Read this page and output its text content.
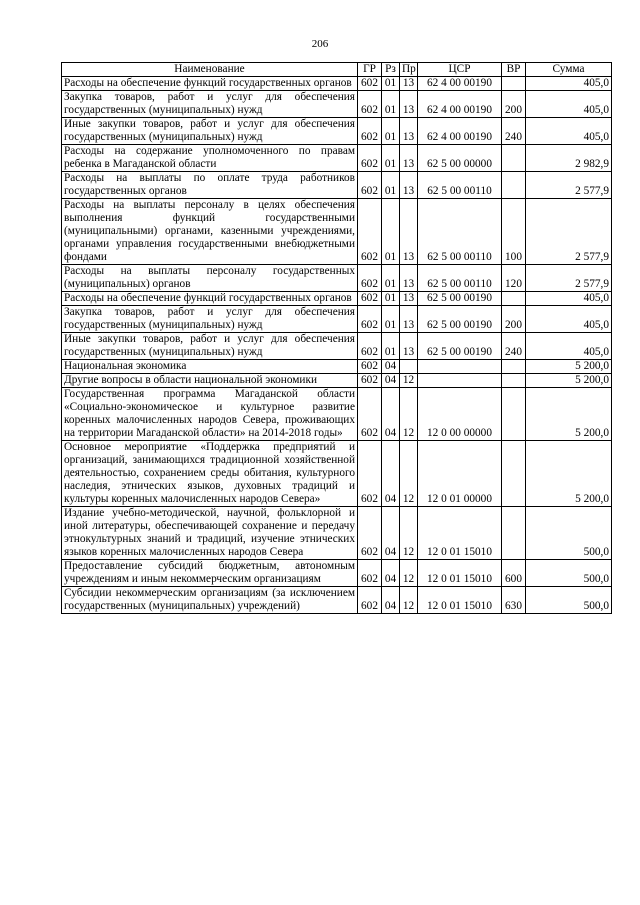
206
Наименование	ГР	Рз	Пр	ЦСР	ВР	Сумма
Расходы на обеспечение функций государственных органов	602	01	13	62 4 00 00190		405,0
Закупка товаров, работ и услуг для обеспечения государственных (муниципальных) нужд	602	01	13	62 4 00 00190	200	405,0
Иные закупки товаров, работ и услуг для обеспечения государственных (муниципальных) нужд	602	01	13	62 4 00 00190	240	405,0
Расходы на содержание уполномоченного по правам ребенка в Магаданской области	602	01	13	62 5 00 00000		2 982,9
Расходы на выплаты по оплате труда работников государственных органов	602	01	13	62 5 00 00110		2 577,9
Расходы на выплаты персоналу в целях обеспечения выполнения функций государственными (муниципальными) органами, казенными учреждениями, органами управления государственными внебюджетными фондами	602	01	13	62 5 00 00110	100	2 577,9
Расходы на выплаты персоналу государственных (муниципальных) органов	602	01	13	62 5 00 00110	120	2 577,9
Расходы на обеспечение функций государственных органов	602	01	13	62 5 00 00190		405,0
Закупка товаров, работ и услуг для обеспечения государственных (муниципальных) нужд	602	01	13	62 5 00 00190	200	405,0
Иные закупки товаров, работ и услуг для обеспечения государственных (муниципальных) нужд	602	01	13	62 5 00 00190	240	405,0
Национальная экономика	602	04				5 200,0
Другие вопросы в области национальной экономики	602	04	12			5 200,0
Государственная программа Магаданской области «Социально-экономическое и культурное развитие коренных малочисленных народов Севера, проживающих на территории Магаданской области» на 2014-2018 годы»	602	04	12	12 0 00 00000		5 200,0
Основное мероприятие «Поддержка предприятий и организаций, занимающихся традиционной хозяйственной деятельностью, сохранением среды обитания, культурного наследия, этнических языков, духовных традиций и культуры коренных малочисленных народов Севера»	602	04	12	12 0 01 00000		5 200,0
Издание учебно-методической, научной, фольклорной и иной литературы, обеспечивающей сохранение и передачу этнокультурных знаний и традиций, изучение этнических языков коренных малочисленных народов Севера	602	04	12	12 0 01 15010		500,0
Предоставление субсидий бюджетным, автономным учреждениям и иным некоммерческим организациям	602	04	12	12 0 01 15010	600	500,0
Субсидии некоммерческим организациям (за исключением государственных (муниципальных) учреждений)	602	04	12	12 0 01 15010	630	500,0
